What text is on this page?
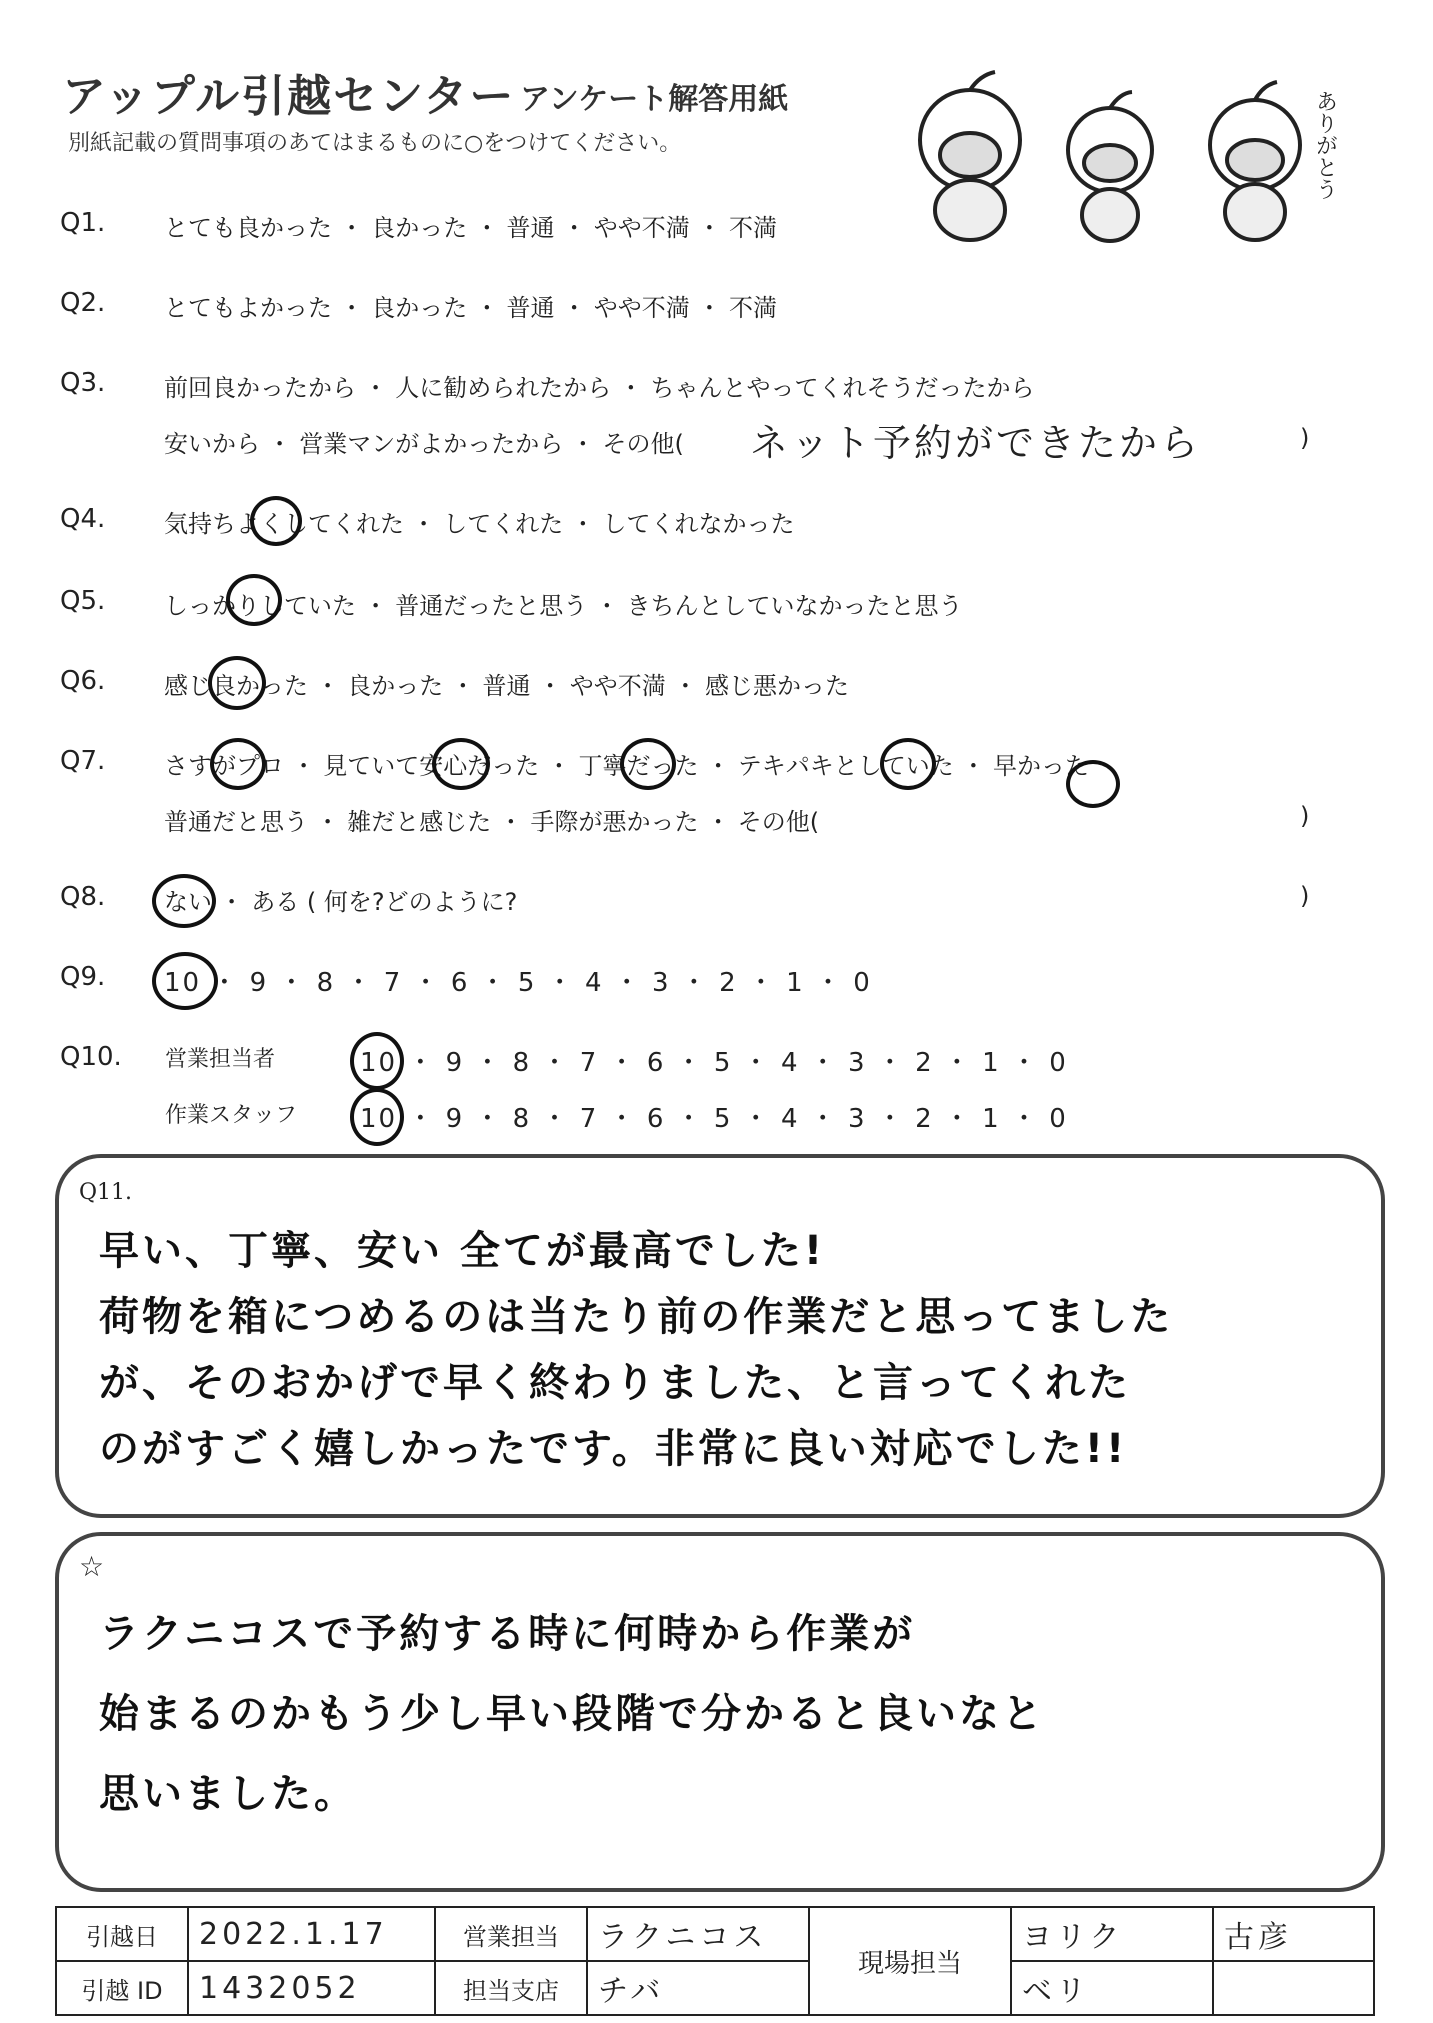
アップル引越センター アンケート解答用紙
別紙記載の質問事項のあてはまるものに○をつけてください。	ありがとう
Q1. とても良かった ・ 良かった ・ 普通 ・ やや不満 ・ 不満
Q2. とてもよかった ・ 良かった ・ 普通 ・ やや不満 ・ 不満
Q3. 前回良かったから ・ 人に勧められたから ・ ちゃんとやってくれそうだったから
安いから ・ 営業マンがよかったから ・ その他( ネット予約ができたから	)
Q4. 気持ちよくしてくれた ・ してくれた ・ してくれなかった
Q5. しっかりしていた ・ 普通だったと思う ・ きちんとしていなかったと思う
Q6. 感じ良かった ・ 良かった ・ 普通 ・ やや不満 ・ 感じ悪かった
Q7. さすがプロ ・ 見ていて安心だった ・ 丁寧だった ・ テキパキとしていた ・ 早かった
普通だと思う ・ 雑だと感じた ・ 手際が悪かった ・ その他(	)
Q8. ない ・ ある ( 何を?どのように?	)
Q9. 10 ・ 9 ・ 8 ・ 7 ・ 6 ・ 5 ・ 4 ・ 3 ・ 2 ・ 1 ・ 0
Q10. 営業担当者	10 ・ 9 ・ 8 ・ 7 ・ 6 ・ 5 ・ 4 ・ 3 ・ 2 ・ 1 ・ 0
作業スタッフ 10 ・ 9 ・ 8 ・ 7 ・ 6 ・ 5 ・ 4 ・ 3 ・ 2 ・ 1 ・ 0
Q11.
早い、丁寧、安い 全てが最高でした!
荷物を箱につめるのは当たり前の作業だと思ってました
が、そのおかげで早く終わりました、と言ってくれた
のがすごく嬉しかったです。非常に良い対応でした!!
☆
ラクニコスで予約する時に何時から作業が
始まるのかもう少し早い段階で分かると良いなと
思いました。
引越日	2022.1.17	営業担当	ラクニコス	現場担当	ヨリク	古彦
引越 ID	1432052	担当支店	チバ		ベリ	
